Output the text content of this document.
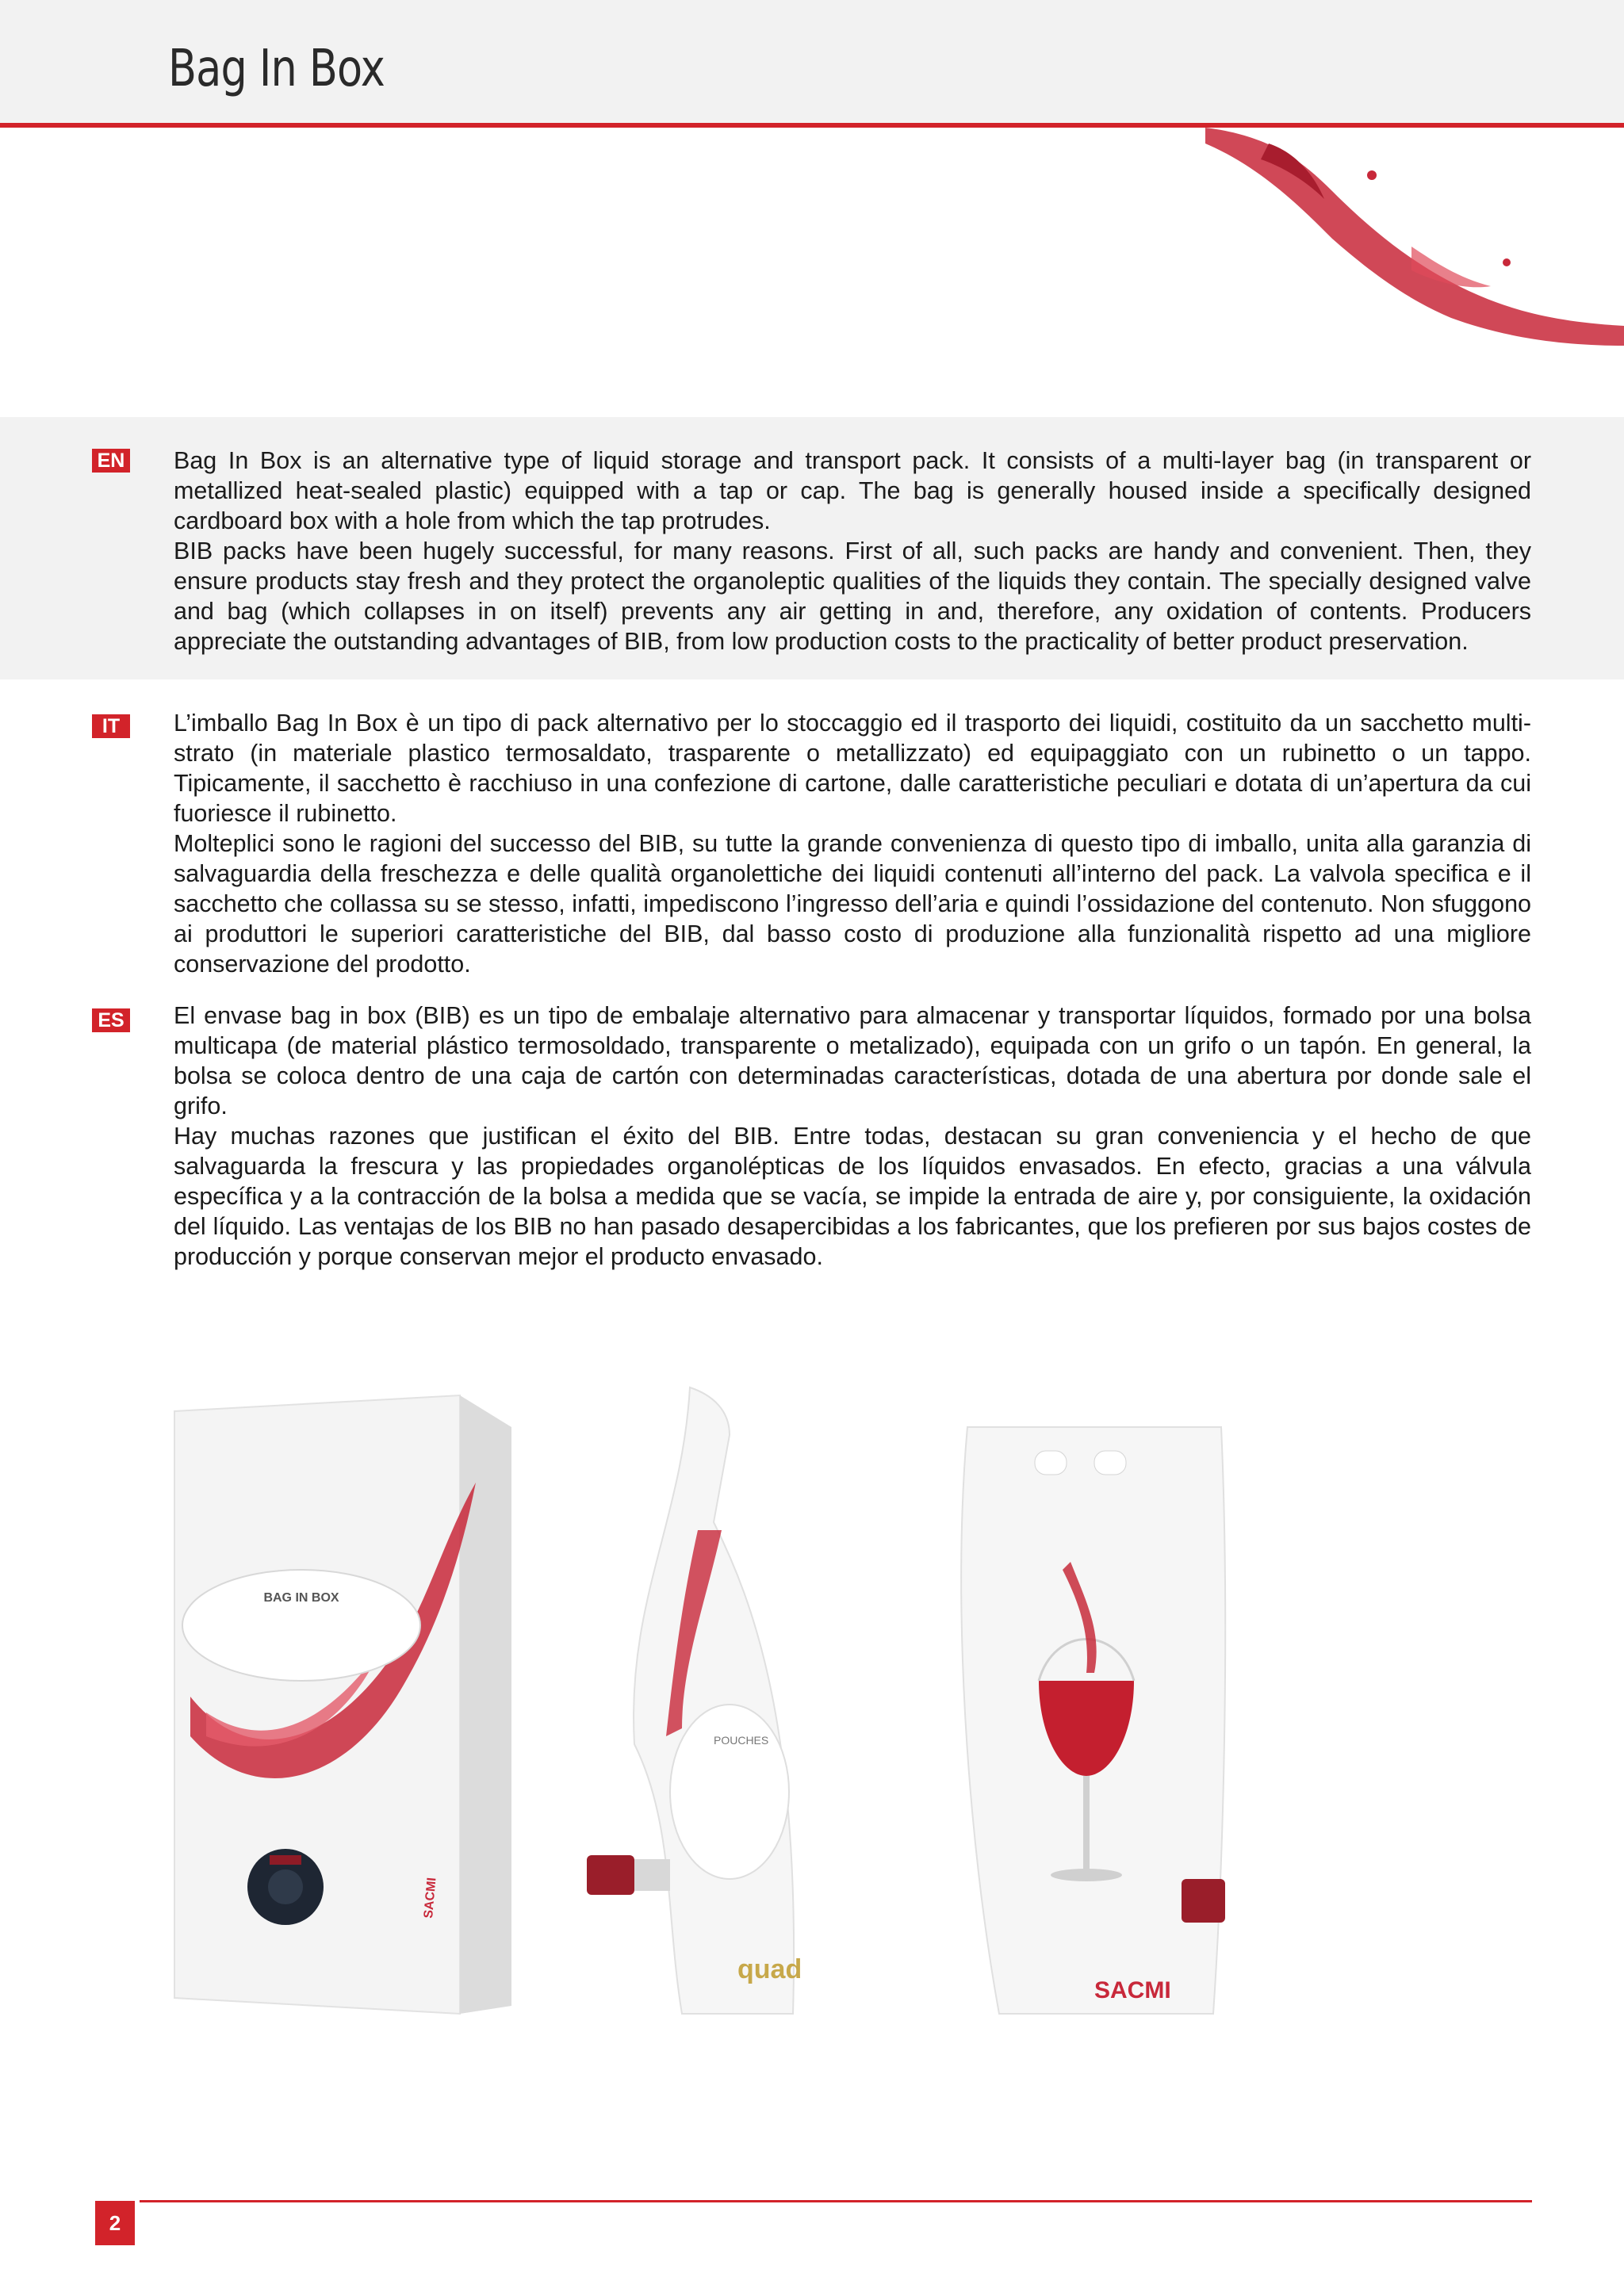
Bag In Box
EN Bag In Box is an alternative type of liquid storage and transport pack. It consists of a multi-layer bag (in transparent or metallized heat-sealed plastic) equipped with a tap or cap. The bag is generally housed inside a specifically designed cardboard box with a hole from which the tap protrudes.

BIB packs have been hugely successful, for many reasons. First of all, such packs are handy and convenient. Then, they ensure products stay fresh and they protect the organoleptic qualities of the liquids they contain. The specially designed valve and bag (which collapses in on itself) prevents any air getting in and, therefore, any oxidation of contents. Producers appreciate the outstanding advantages of BIB, from low production costs to the practicality of better product preservation.

IT	L’imballo Bag In Box è un tipo di pack alternativo per lo stoccaggio ed il trasporto dei liquidi, costituito da un sacchetto multi-strato (in materiale plastico termosaldato, trasparente o metallizzato) ed equipaggiato con un rubinetto o un tappo. Tipicamente, il sacchetto è racchiuso in una confezione di cartone, dalle caratteristiche peculiari e dotata di un’apertura da cui fuoriesce il rubinetto.

Molteplici sono le ragioni del successo del BIB, su tutte la grande convenienza di questo tipo di imballo, unita alla garanzia di salvaguardia della freschezza e delle qualità organolettiche dei liquidi contenuti all’interno del pack. La valvola specifica e il sacchetto che collassa su se stesso, infatti, impediscono l’ingresso dell’aria e quindi l’ossidazione del contenuto. Non sfuggono ai produttori le superiori caratteristiche del BIB, dal basso costo di produzione alla funzionalità rispetto ad una migliore conservazione del prodotto.

ES El envase bag in box (BIB) es un tipo de embalaje alternativo para almacenar y transportar líquidos, formado por una bolsa multicapa (de material plástico termosoldado, transparente o metalizado), equipada con un grifo o un tapón. En general, la bolsa se coloca dentro de una caja de cartón con determinadas características, dotada de una abertura por donde sale el grifo.

Hay muchas razones que justifican el éxito del BIB. Entre todas, destacan su gran conveniencia y el hecho de que salvaguarda la frescura y las propiedades organolépticas de los líquidos envasados. En efecto, gracias a una válvula específica y a la contracción de la bolsa a medida que se vacía, se impide la entrada de aire y, por consiguiente, la oxidación del líquido. Las ventajas de los BIB no han pasado desapercibidas a los fabricantes, que los prefieren por sus bajos costes de producción y porque conservan mejor el producto envasado.

BAG IN BOX
SACMI
POUCHES
quad
SACMI
2
